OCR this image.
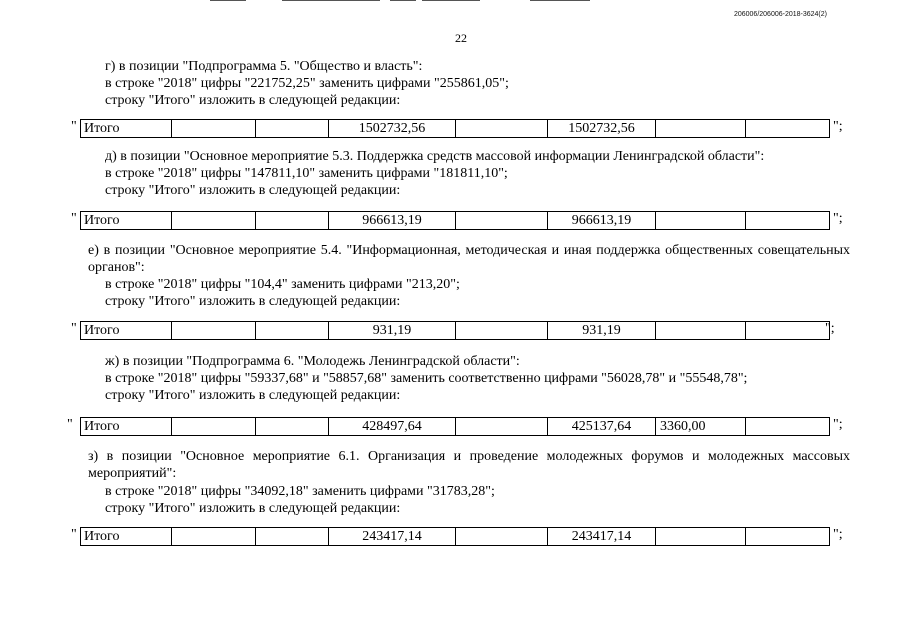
206006/206006-2018-3624(2)
22
г) в позиции "Подпрограмма 5. "Общество и власть":
в строке "2018" цифры "221752,25" заменить цифрами "255861,05";
строку "Итого" изложить в следующей редакции:
" Итого			1502732,56		1502732,56			";
д) в позиции "Основное мероприятие 5.3. Поддержка средств массовой информации Ленинградской области":
в строке "2018" цифры "147811,10" заменить цифрами "181811,10";
строку "Итого" изложить в следующей редакции:
" Итого			966613,19		966613,19			";
е) в позиции "Основное мероприятие 5.4. "Информационная, методическая и иная поддержка общественных совещательных органов":
в строке "2018" цифры "104,4" заменить цифрами "213,20";
строку "Итого" изложить в следующей редакции:
" Итого			931,19		931,19			";
ж) в позиции "Подпрограмма 6. "Молодежь Ленинградской области":
в строке "2018" цифры "59337,68" и "58857,68" заменить соответственно цифрами "56028,78" и "55548,78";
строку "Итого" изложить в следующей редакции:
" Итого			428497,64		425137,64	3360,00		";
з) в позиции "Основное мероприятие 6.1. Организация и проведение молодежных форумов и молодежных массовых мероприятий":
в строке "2018" цифры "34092,18" заменить цифрами "31783,28";
строку "Итого" изложить в следующей редакции:
" Итого			243417,14		243417,14			";
